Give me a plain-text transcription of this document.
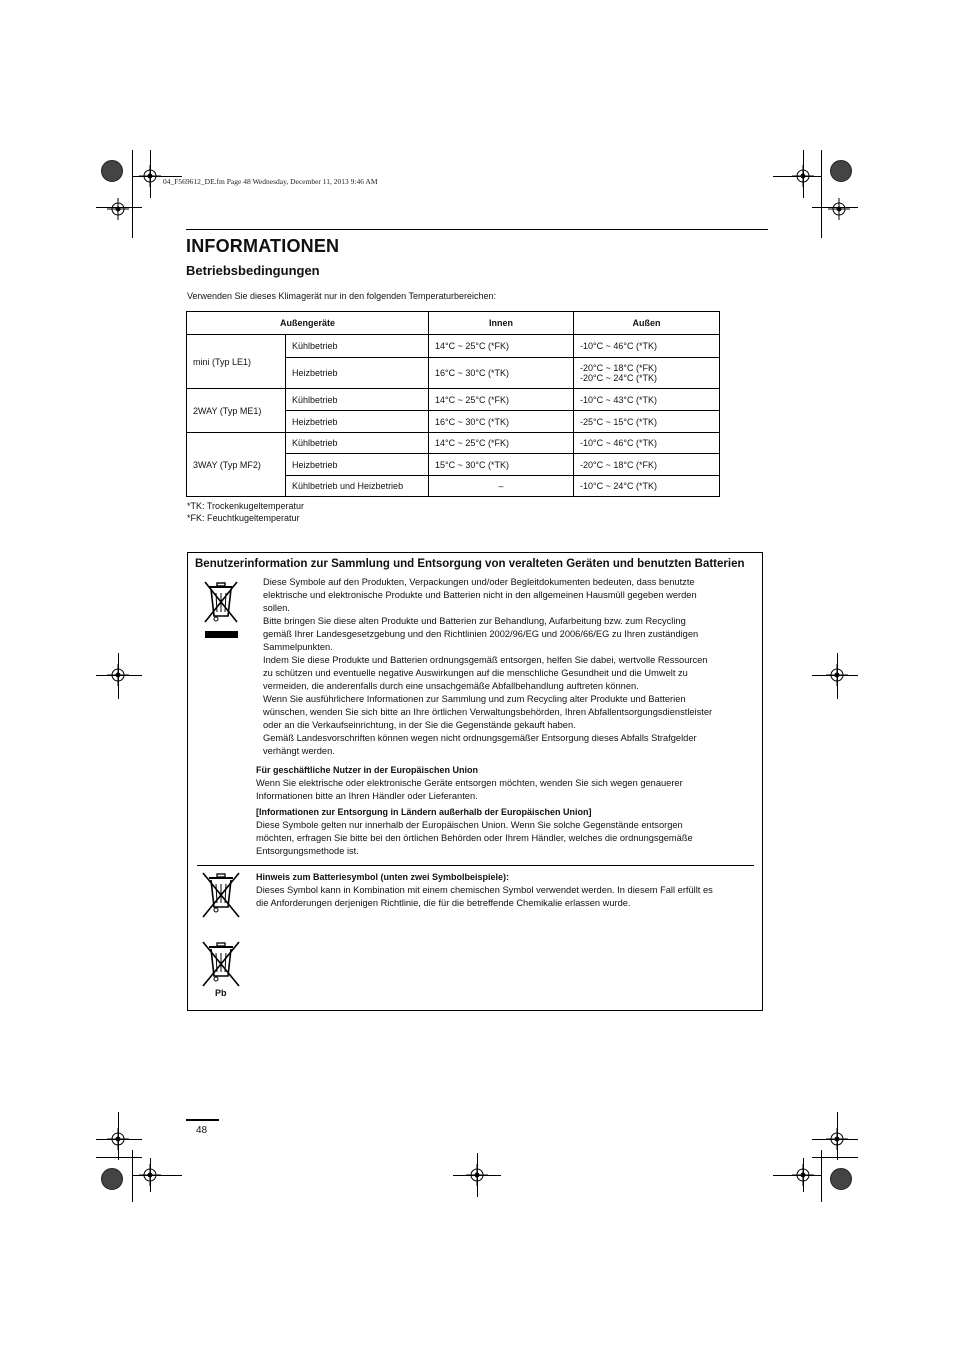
04_F569612_DE.fm Page 48 Wednesday, December 11, 2013 9:46 AM
INFORMATIONEN
Betriebsbedingungen
Verwenden Sie dieses Klimagerät nur in den folgenden Temperaturbereichen:
Außengeräte		Innen	Außen
mini (Typ LE1)	Kühlbetrieb	14°C ~ 25°C (*FK)	-10°C ~ 46°C (*TK)
	Heizbetrieb	16°C ~ 30°C (*TK)	-20°C ~ 18°C (*FK)
-20°C ~ 24°C (*TK)

2WAY (Typ ME1)	Kühlbetrieb	14°C ~ 25°C (*FK)	-10°C ~ 43°C (*TK)
	Heizbetrieb	16°C ~ 30°C (*TK)	-25°C ~ 15°C (*TK)
3WAY (Typ MF2)	Kühlbetrieb	14°C ~ 25°C (*FK)	-10°C ~ 46°C (*TK)
	Heizbetrieb	15°C ~ 30°C (*TK)	-20°C ~ 18°C (*FK)
	Kühlbetrieb und Heizbetrieb	–	-10°C ~ 24°C (*TK)
*TK: Trockenkugeltemperatur
*FK: Feuchtkugeltemperatur
Benutzerinformation zur Sammlung und Entsorgung von veralteten Geräten und benutzten Batterien
Diese Symbole auf den Produkten, Verpackungen und/oder Begleitdokumenten bedeuten, dass benutzte
elektrische und elektronische Produkte und Batterien nicht in den allgemeinen Hausmüll gegeben werden
sollen.
Bitte bringen Sie diese alten Produkte und Batterien zur Behandlung, Aufarbeitung bzw. zum Recycling
gemäß Ihrer Landesgesetzgebung und den Richtlinien 2002/96/EG und 2006/66/EG zu Ihren zuständigen
Sammelpunkten.
Indem Sie diese Produkte und Batterien ordnungsgemäß entsorgen, helfen Sie dabei, wertvolle Ressourcen
zu schützen und eventuelle negative Auswirkungen auf die menschliche Gesundheit und die Umwelt zu
vermeiden, die anderenfalls durch eine unsachgemäße Abfallbehandlung auftreten können.
Wenn Sie ausführlichere Informationen zur Sammlung und zum Recycling alter Produkte und Batterien
wünschen, wenden Sie sich bitte an Ihre örtlichen Verwaltungsbehörden, Ihren Abfallentsorgungsdienstleister
oder an die Verkaufseinrichtung, in der Sie die Gegenstände gekauft haben.
Gemäß Landesvorschriften können wegen nicht ordnungsgemäßer Entsorgung dieses Abfalls Strafgelder
verhängt werden.
Für geschäftliche Nutzer in der Europäischen Union
Wenn Sie elektrische oder elektronische Geräte entsorgen möchten, wenden Sie sich wegen genauerer
Informationen bitte an Ihren Händler oder Lieferanten.
[Informationen zur Entsorgung in Ländern außerhalb der Europäischen Union]
Diese Symbole gelten nur innerhalb der Europäischen Union. Wenn Sie solche Gegenstände entsorgen
möchten, erfragen Sie bitte bei den örtlichen Behörden oder Ihrem Händler, welches die ordnungsgemäße
Entsorgungsmethode ist.
Hinweis zum Batteriesymbol (unten zwei Symbolbeispiele):
Dieses Symbol kann in Kombination mit einem chemischen Symbol verwendet werden. In diesem Fall erfüllt es
die Anforderungen derjenigen Richtlinie, die für die betreffende Chemikalie erlassen wurde.
Pb
48
